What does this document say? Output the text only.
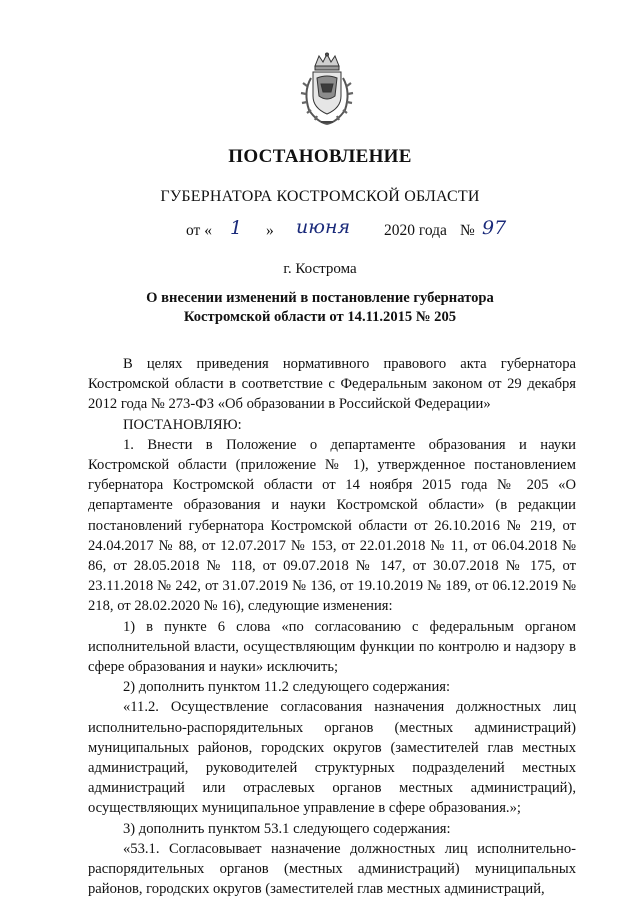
ПОСТАНОВЛЕНИЕ
ГУБЕРНАТОРА КОСТРОМСКОЙ ОБЛАСТИ
от « 1 » июня 2020 года № 97
г. Кострома
О внесении изменений в постановление губернатора
Костромской области от 14.11.2015 № 205

В целях приведения нормативного правового акта губернатора Костромской области в соответствие с Федеральным законом от 29 декабря 2012 года № 273-ФЗ «Об образовании в Российской Федерации»

ПОСТАНОВЛЯЮ:

1. Внести в Положение о департаменте образования и науки Костромской области (приложение № 1), утвержденное постановлением губернатора Костромской области от 14 ноября 2015 года № 205 «О департаменте образования и науки Костромской области» (в редакции постановлений губернатора Костромской области от 26.10.2016 № 219, от 24.04.2017 № 88, от 12.07.2017 № 153, от 22.01.2018 № 11, от 06.04.2018 № 86, от 28.05.2018 № 118, от 09.07.2018 № 147, от 30.07.2018 № 175, от 23.11.2018 № 242, от 31.07.2019 № 136, от 19.10.2019 № 189, от 06.12.2019 № 218, от 28.02.2020 № 16), следующие изменения:

1) в пункте 6 слова «по согласованию с федеральным органом исполнительной власти, осуществляющим функции по контролю и надзору в сфере образования и науки» исключить;

2) дополнить пунктом 11.2 следующего содержания:

«11.2. Осуществление согласования назначения должностных лиц исполнительно-распорядительных органов (местных администраций) муниципальных районов, городских округов (заместителей глав местных администраций, руководителей структурных подразделений местных администраций или отраслевых органов местных администраций), осуществляющих муниципальное управление в сфере образования.»;

3) дополнить пунктом 53.1 следующего содержания:

«53.1. Согласовывает назначение должностных лиц исполнительно-распорядительных органов (местных администраций) муниципальных районов, городских округов (заместителей глав местных администраций,
